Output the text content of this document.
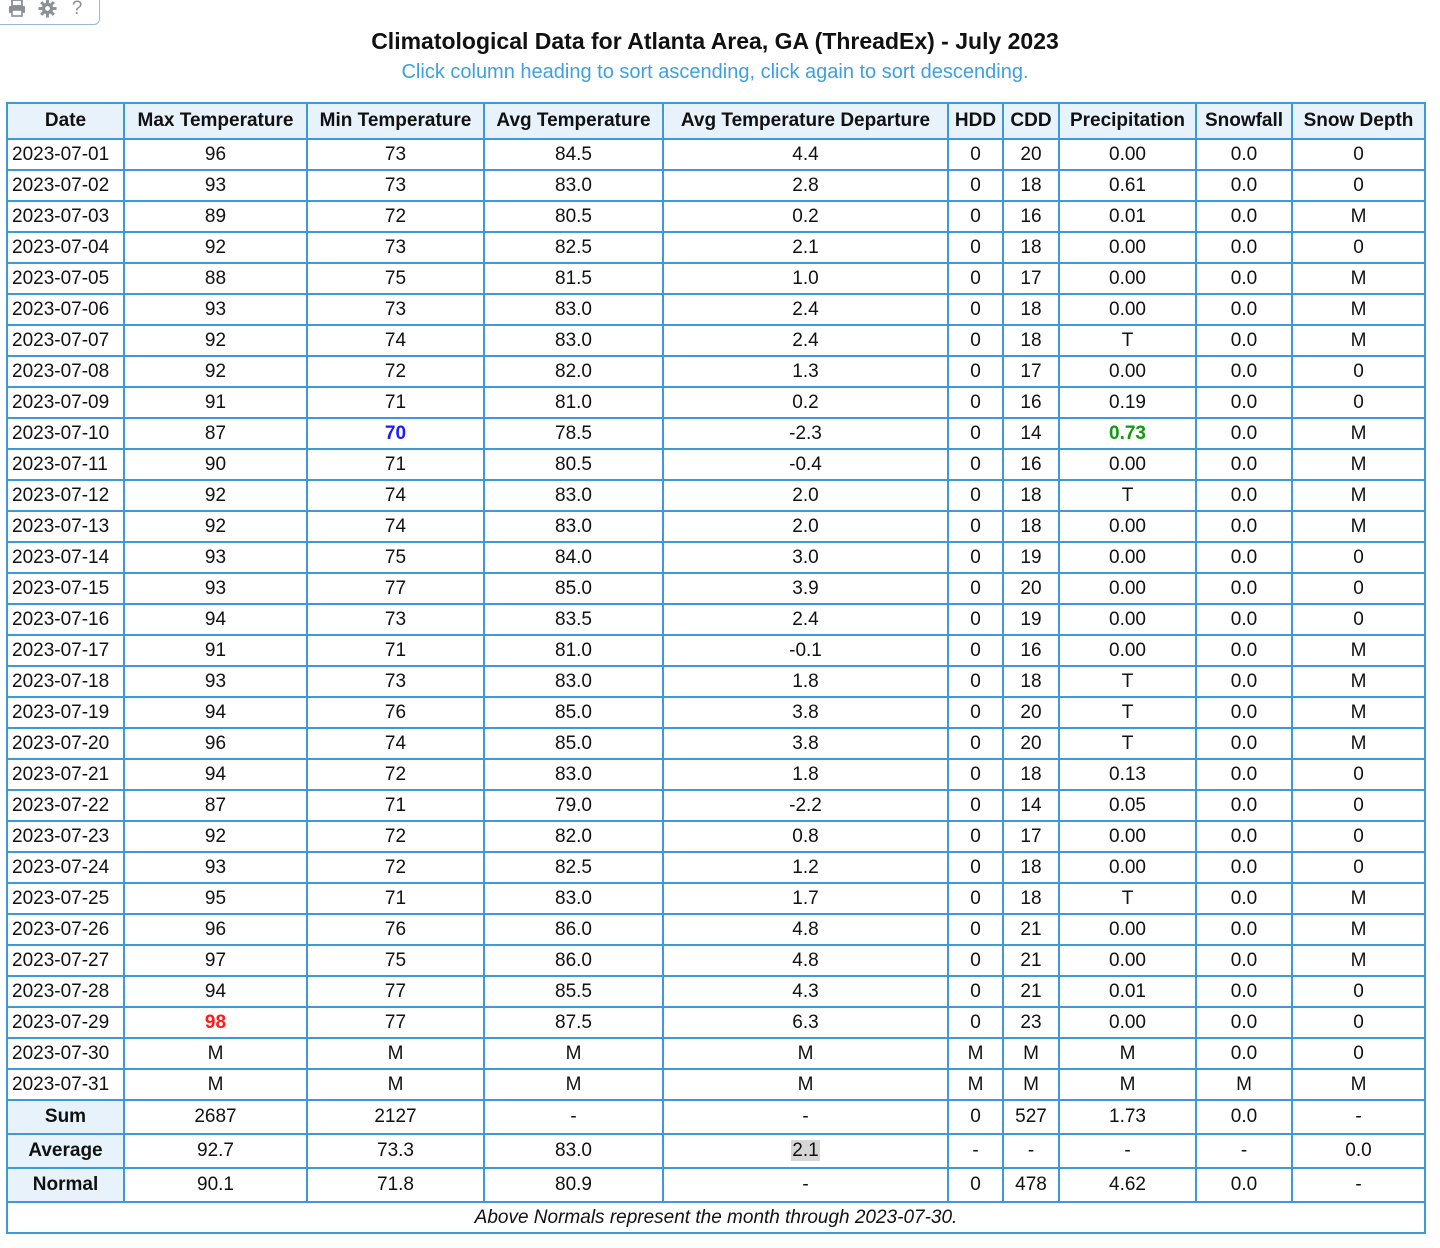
?
Climatological Data for Atlanta Area, GA (ThreadEx) - July 2023
Click column heading to sort ascending, click again to sort descending.
Date	Max Temperature	Min Temperature	Avg Temperature	Avg Temperature Departure	HDD	CDD	Precipitation	Snowfall	Snow Depth
2023-07-01	96	73	84.5	4.4	0	20	0.00	0.0	0
2023-07-02	93	73	83.0	2.8	0	18	0.61	0.0	0
2023-07-03	89	72	80.5	0.2	0	16	0.01	0.0	M
2023-07-04	92	73	82.5	2.1	0	18	0.00	0.0	0
2023-07-05	88	75	81.5	1.0	0	17	0.00	0.0	M
2023-07-06	93	73	83.0	2.4	0	18	0.00	0.0	M
2023-07-07	92	74	83.0	2.4	0	18	T	0.0	M
2023-07-08	92	72	82.0	1.3	0	17	0.00	0.0	0
2023-07-09	91	71	81.0	0.2	0	16	0.19	0.0	0
2023-07-10	87	70	78.5	-2.3	0	14	0.73	0.0	M
2023-07-11	90	71	80.5	-0.4	0	16	0.00	0.0	M
2023-07-12	92	74	83.0	2.0	0	18	T	0.0	M
2023-07-13	92	74	83.0	2.0	0	18	0.00	0.0	M
2023-07-14	93	75	84.0	3.0	0	19	0.00	0.0	0
2023-07-15	93	77	85.0	3.9	0	20	0.00	0.0	0
2023-07-16	94	73	83.5	2.4	0	19	0.00	0.0	0
2023-07-17	91	71	81.0	-0.1	0	16	0.00	0.0	M
2023-07-18	93	73	83.0	1.8	0	18	T	0.0	M
2023-07-19	94	76	85.0	3.8	0	20	T	0.0	M
2023-07-20	96	74	85.0	3.8	0	20	T	0.0	M
2023-07-21	94	72	83.0	1.8	0	18	0.13	0.0	0
2023-07-22	87	71	79.0	-2.2	0	14	0.05	0.0	0
2023-07-23	92	72	82.0	0.8	0	17	0.00	0.0	0
2023-07-24	93	72	82.5	1.2	0	18	0.00	0.0	0
2023-07-25	95	71	83.0	1.7	0	18	T	0.0	M
2023-07-26	96	76	86.0	4.8	0	21	0.00	0.0	M
2023-07-27	97	75	86.0	4.8	0	21	0.00	0.0	M
2023-07-28	94	77	85.5	4.3	0	21	0.01	0.0	0
2023-07-29	98	77	87.5	6.3	0	23	0.00	0.0	0
2023-07-30	M	M	M	M	M	M	M	0.0	0
2023-07-31	M	M	M	M	M	M	M	M	M
Sum	2687	2127	-	-	0	527	1.73	0.0	-
Average	92.7	73.3	83.0	2.1	-	-	-	-	0.0
Normal	90.1	71.8	80.9	-	0	478	4.62	0.0	-
Above Normals represent the month through 2023-07-30.									
